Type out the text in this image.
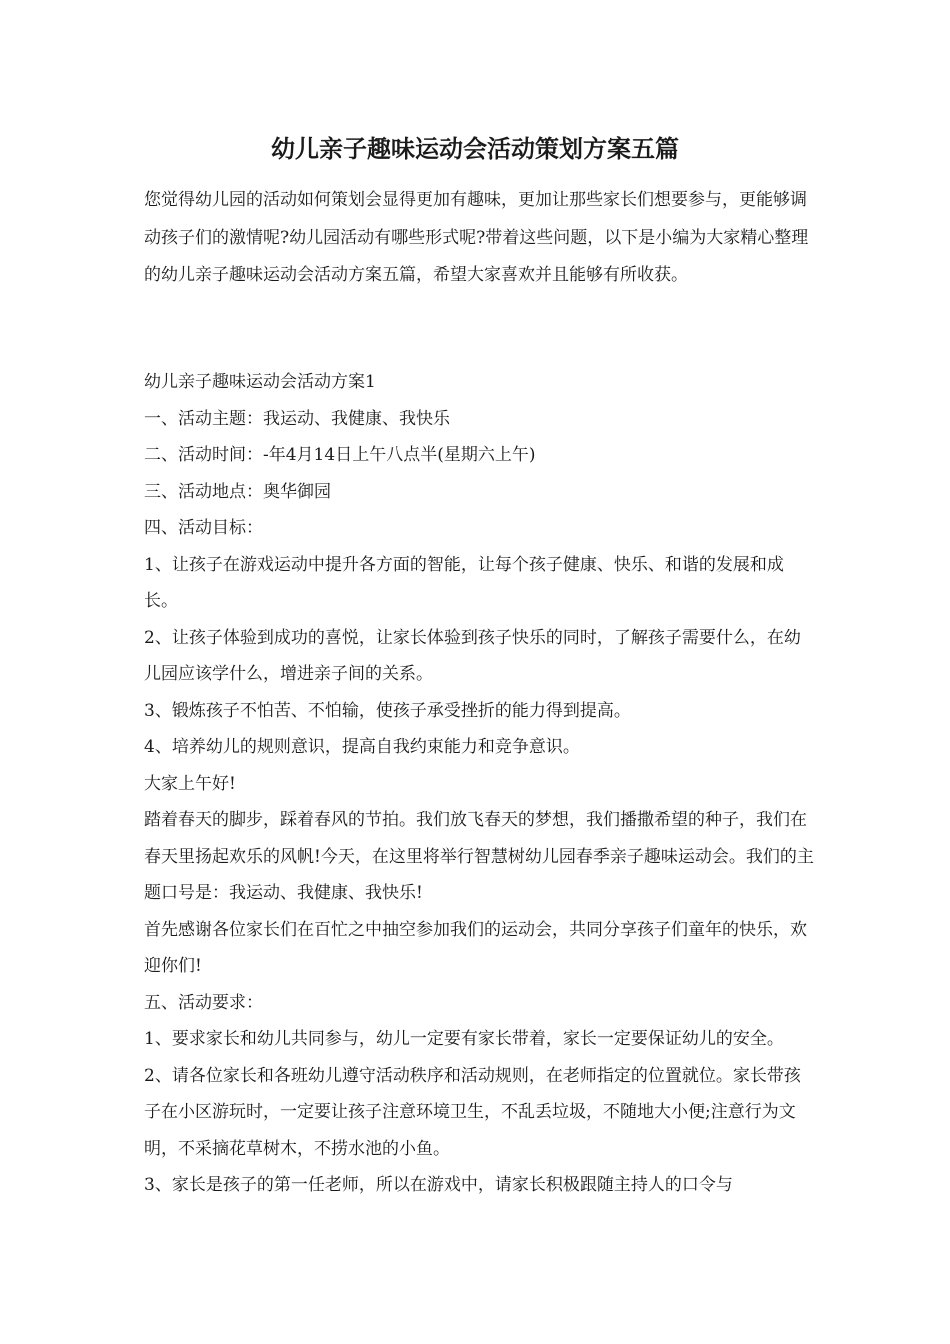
幼儿亲子趣味运动会活动策划方案五篇

您觉得幼儿园的活动如何策划会显得更加有趣味，更加让那些家长们想要参与，更能够调动孩子们的激情呢?幼儿园活动有哪些形式呢?带着这些问题，以下是小编为大家精心整理的幼儿亲子趣味运动会活动方案五篇，希望大家喜欢并且能够有所收获。

幼儿亲子趣味运动会活动方案1

一、活动主题：我运动、我健康、我快乐

二、活动时间：-年4月14日上午八点半(星期六上午)

三、活动地点：奥华御园

四、活动目标：

1、让孩子在游戏运动中提升各方面的智能，让每个孩子健康、快乐、和谐的发展和成长。

2、让孩子体验到成功的喜悦，让家长体验到孩子快乐的同时，了解孩子需要什么，在幼儿园应该学什么，增进亲子间的关系。

3、锻炼孩子不怕苦、不怕输，使孩子承受挫折的能力得到提高。

4、培养幼儿的规则意识，提高自我约束能力和竞争意识。

大家上午好!

踏着春天的脚步，踩着春风的节拍。我们放飞春天的梦想，我们播撒希望的种子，我们在春天里扬起欢乐的风帆!今天，在这里将举行智慧树幼儿园春季亲子趣味运动会。我们的主题口号是：我运动、我健康、我快乐!

首先感谢各位家长们在百忙之中抽空参加我们的运动会，共同分享孩子们童年的快乐，欢迎你们!

五、活动要求：

1、要求家长和幼儿共同参与，幼儿一定要有家长带着，家长一定要保证幼儿的安全。

2、请各位家长和各班幼儿遵守活动秩序和活动规则，在老师指定的位置就位。家长带孩子在小区游玩时，一定要让孩子注意环境卫生，不乱丢垃圾，不随地大小便;注意行为文明，不采摘花草树木，不捞水池的小鱼。

3、家长是孩子的第一任老师，所以在游戏中，请家长积极跟随主持人的口令与
